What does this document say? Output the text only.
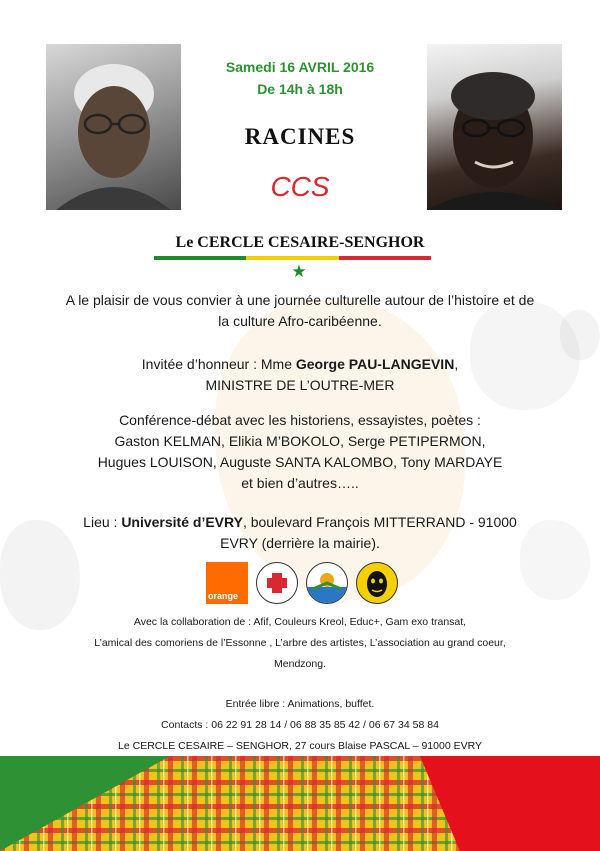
Samedi 16 AVRIL 2016
De 14h à 18h
RACINES
CCS
Le CERCLE CESAIRE-SENGHOR
★
A le plaisir de vous convier à une journée culturelle autour de l’histoire et de
la culture Afro-caribéenne.
Invitée d’honneur : Mme George PAU-LANGEVIN,
MINISTRE DE L’OUTRE-MER
Conférence-débat avec les historiens, essayistes, poètes :
Gaston KELMAN, Elikia M’BOKOLO, Serge PETIPERMON,
Hugues LOUISON, Auguste SANTA KALOMBO, Tony MARDAYE
et bien d’autres…..
Lieu : Université d’EVRY, boulevard François MITTERRAND - 91000
EVRY (derrière la mairie).
orange
Avec la collaboration de : Afif, Couleurs Kreol, Educ+, Gam exo transat,
L’amical des comoriens de l’Essonne , L’arbre des artistes, L’association au grand coeur,
Mendzong.
Entrée libre : Animations, buffet.
Contacts : 06 22 91 28 14 / 06 88 35 85 42 / 06 67 34 58 84
Le CERCLE CESAIRE – SENGHOR, 27 cours Blaise PASCAL – 91000 EVRY
